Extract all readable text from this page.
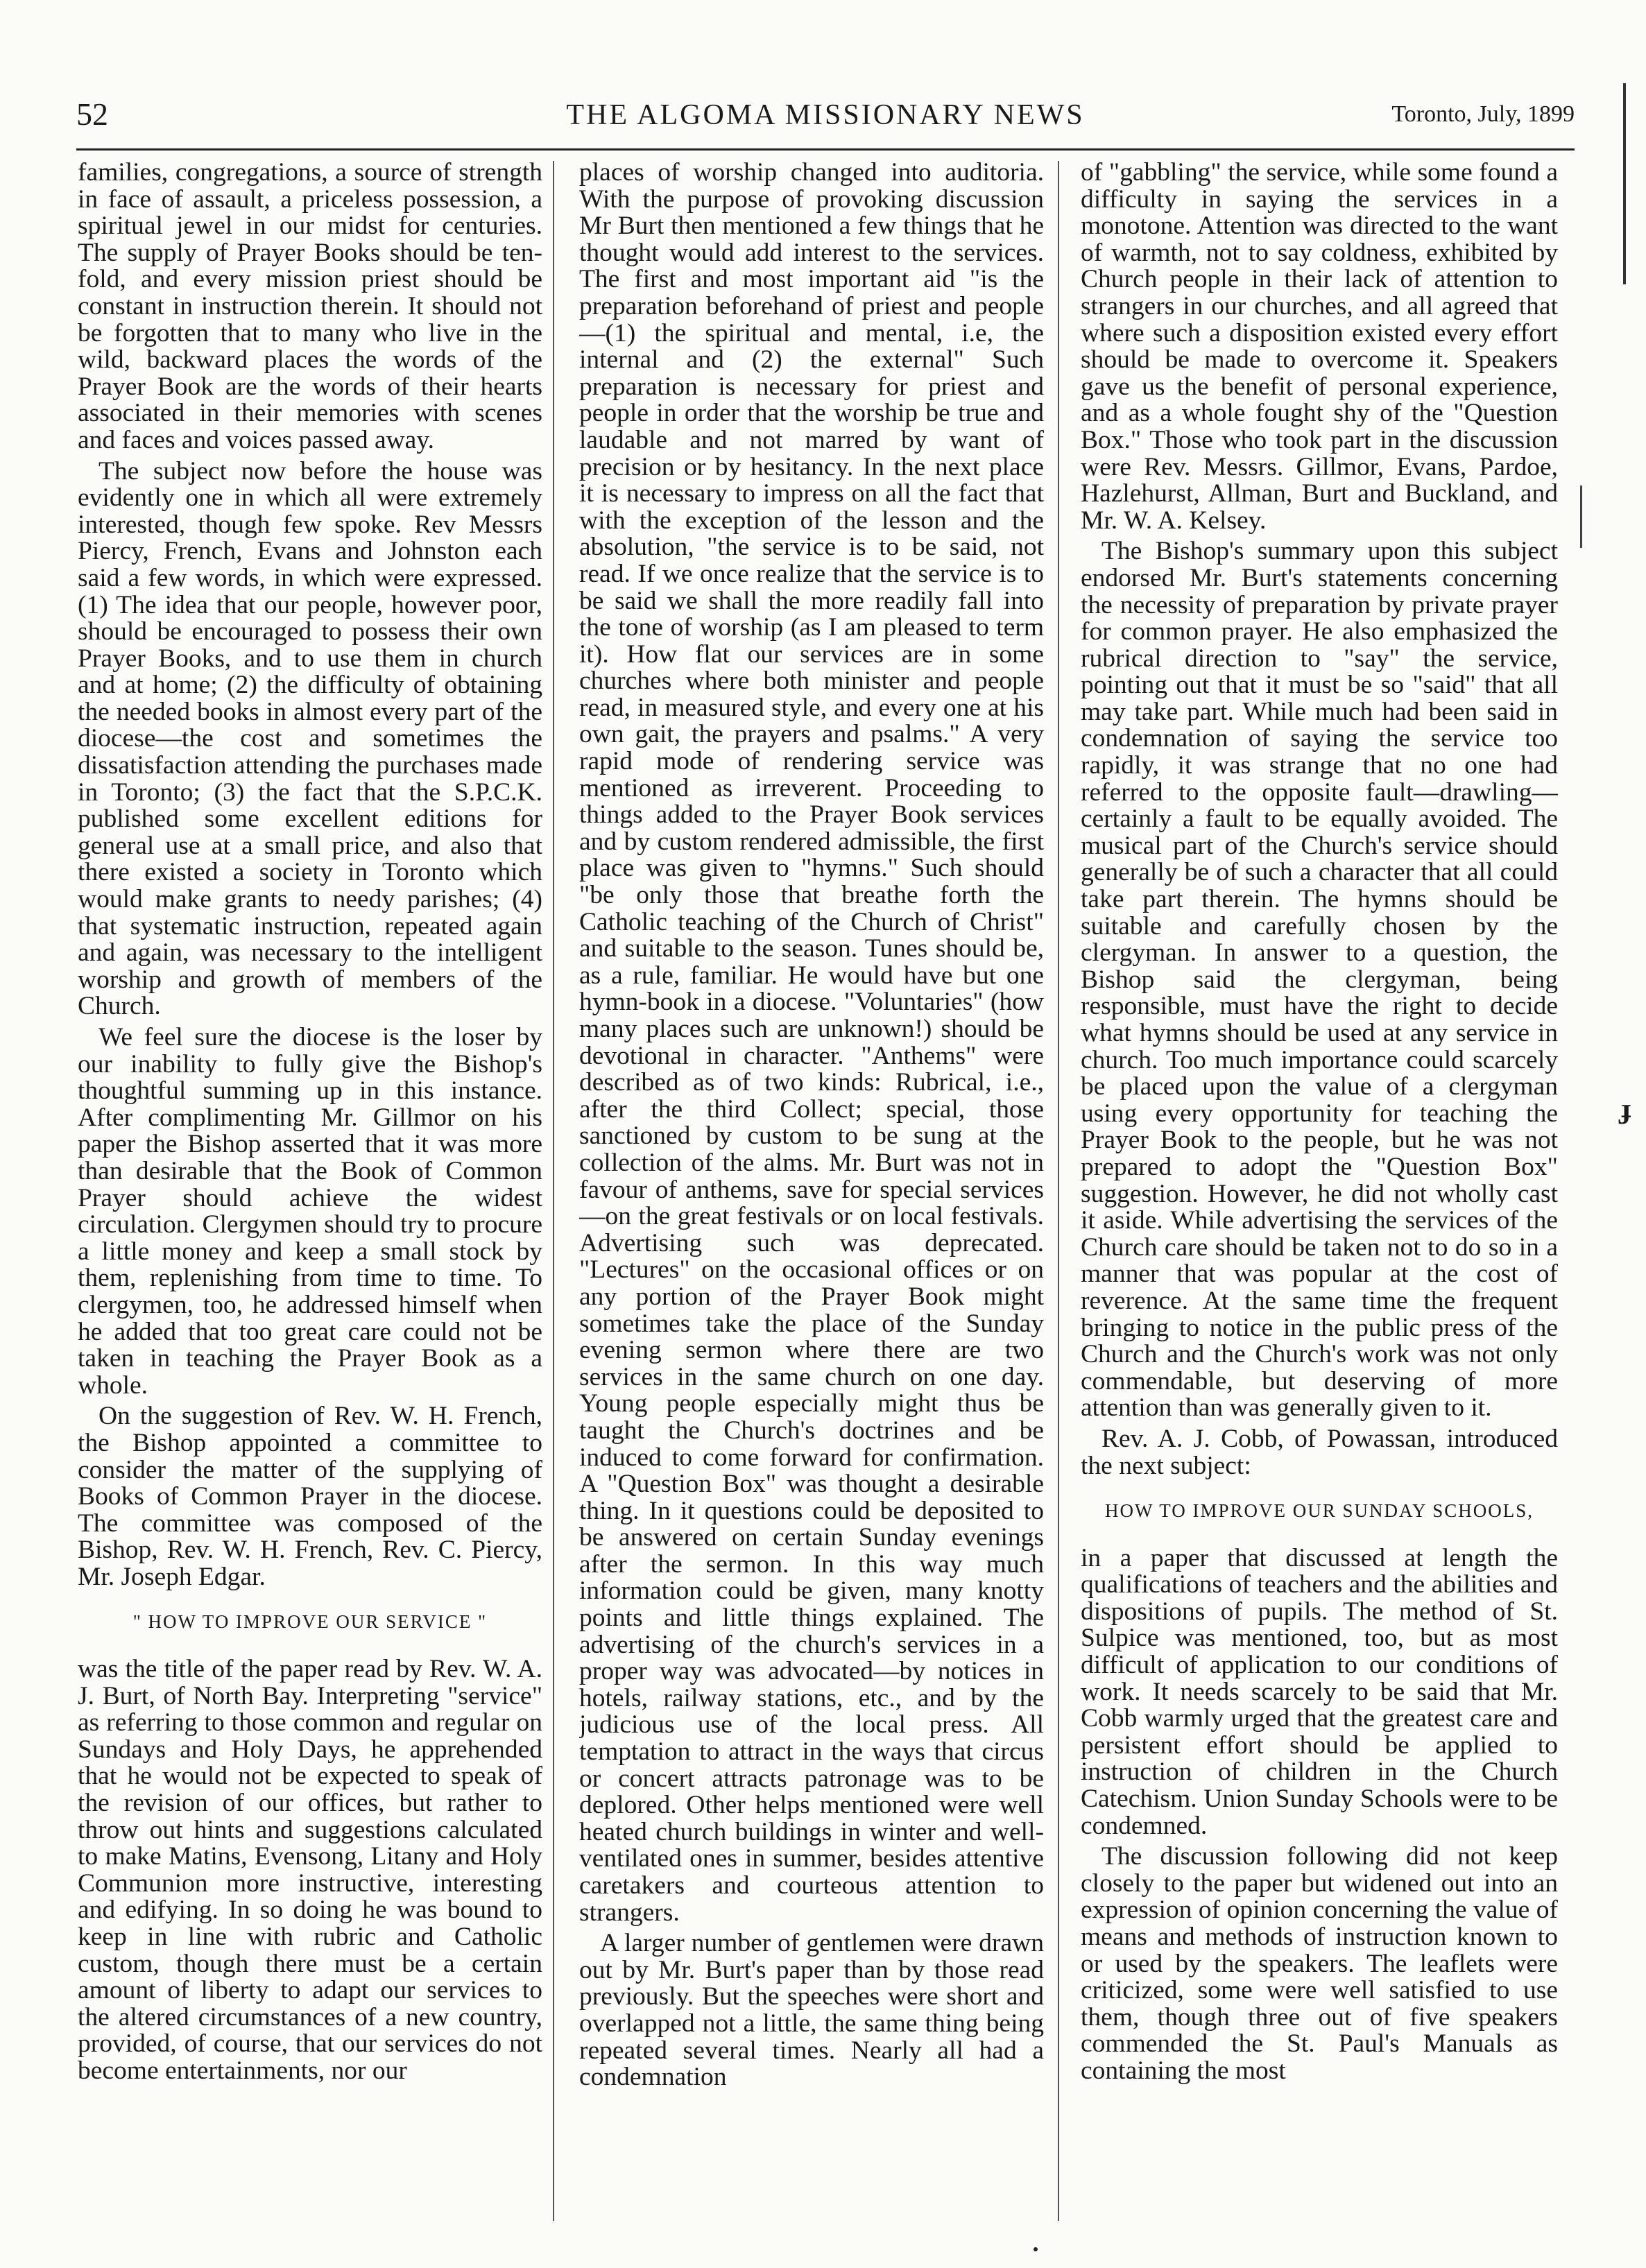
52	THE ALGOMA MISSIONARY NEWS	Toronto, July, 1899
ɟ

families, congregations, a source of strength in face of assault, a priceless possession, a spiritual jewel in our midst for centuries. The supply of Prayer Books should be ten-fold, and every mission priest should be constant in instruction therein. It should not be forgotten that to many who live in the wild, backward places the words of the Prayer Book are the words of their hearts associated in their memories with scenes and faces and voices passed away.

The subject now before the house was evidently one in which all were extremely interested, though few spoke. Rev Messrs Piercy, French, Evans and Johnston each said a few words, in which were expressed. (1) The idea that our people, however poor, should be encouraged to possess their own Prayer Books, and to use them in church and at home; (2) the difficulty of obtaining the needed books in almost every part of the diocese—the cost and sometimes the dissatisfaction attending the purchases made in Toronto; (3) the fact that the S.P.C.K. published some excellent editions for general use at a small price, and also that there existed a society in Toronto which would make grants to needy parishes; (4) that systematic instruction, repeated again and again, was necessary to the intelligent worship and growth of members of the Church.

We feel sure the diocese is the loser by our inability to fully give the Bishop's thoughtful summing up in this instance. After complimenting Mr. Gillmor on his paper the Bishop asserted that it was more than desirable that the Book of Common Prayer should achieve the widest circulation. Clergymen should try to procure a little money and keep a small stock by them, replenishing from time to time. To clergymen, too, he addressed himself when he added that too great care could not be taken in teaching the Prayer Book as a whole.

On the suggestion of Rev. W. H. French, the Bishop appointed a committee to consider the matter of the supplying of Books of Common Prayer in the diocese. The committee was composed of the Bishop, Rev. W. H. French, Rev. C. Piercy, Mr. Joseph Edgar.

" HOW TO IMPROVE OUR SERVICE "

was the title of the paper read by Rev. W. A. J. Burt, of North Bay. Interpreting "service" as referring to those common and regular on Sundays and Holy Days, he apprehended that he would not be expected to speak of the revision of our offices, but rather to throw out hints and suggestions calculated to make Matins, Evensong, Litany and Holy Communion more instructive, interesting and edifying. In so doing he was bound to keep in line with rubric and Catholic custom, though there must be a certain amount of liberty to adapt our services to the altered circumstances of a new country, provided, of course, that our services do not become entertainments, nor our

places of worship changed into auditoria. With the purpose of provoking discussion Mr Burt then mentioned a few things that he thought would add interest to the services. The first and most important aid "is the preparation beforehand of priest and people—(1) the spiritual and mental, i.e, the internal and (2) the external" Such preparation is necessary for priest and people in order that the worship be true and laudable and not marred by want of precision or by hesitancy. In the next place it is necessary to impress on all the fact that with the exception of the lesson and the absolution, "the service is to be said, not read. If we once realize that the service is to be said we shall the more readily fall into the tone of worship (as I am pleased to term it). How flat our services are in some churches where both minister and people read, in measured style, and every one at his own gait, the prayers and psalms." A very rapid mode of rendering service was mentioned as irreverent. Proceeding to things added to the Prayer Book services and by custom rendered admissible, the first place was given to "hymns." Such should "be only those that breathe forth the Catholic teaching of the Church of Christ" and suitable to the season. Tunes should be, as a rule, familiar. He would have but one hymn-book in a diocese. "Voluntaries" (how many places such are unknown!) should be devotional in character. "Anthems" were described as of two kinds: Rubrical, i.e., after the third Collect; special, those sanctioned by custom to be sung at the collection of the alms. Mr. Burt was not in favour of anthems, save for special services—on the great festivals or on local festivals. Advertising such was deprecated. "Lectures" on the occasional offices or on any portion of the Prayer Book might sometimes take the place of the Sunday evening sermon where there are two services in the same church on one day. Young people especially might thus be taught the Church's doctrines and be induced to come forward for confirmation. A "Question Box" was thought a desirable thing. In it questions could be deposited to be answered on certain Sunday evenings after the sermon. In this way much information could be given, many knotty points and little things explained. The advertising of the church's services in a proper way was advocated—by notices in hotels, railway stations, etc., and by the judicious use of the local press. All temptation to attract in the ways that circus or concert attracts patronage was to be deplored. Other helps mentioned were well heated church buildings in winter and well-ventilated ones in summer, besides attentive caretakers and courteous attention to strangers.

A larger number of gentlemen were drawn out by Mr. Burt's paper than by those read previously. But the speeches were short and overlapped not a little, the same thing being repeated several times. Nearly all had a condemnation

of "gabbling" the service, while some found a difficulty in saying the services in a monotone. Attention was directed to the want of warmth, not to say coldness, exhibited by Church people in their lack of attention to strangers in our churches, and all agreed that where such a disposition existed every effort should be made to overcome it. Speakers gave us the benefit of personal experience, and as a whole fought shy of the "Question Box." Those who took part in the discussion were Rev. Messrs. Gillmor, Evans, Pardoe, Hazlehurst, Allman, Burt and Buckland, and Mr. W. A. Kelsey.

The Bishop's summary upon this subject endorsed Mr. Burt's statements concerning the necessity of preparation by private prayer for common prayer. He also emphasized the rubrical direction to "say" the service, pointing out that it must be so "said" that all may take part. While much had been said in condemnation of saying the service too rapidly, it was strange that no one had referred to the opposite fault—drawling—certainly a fault to be equally avoided. The musical part of the Church's service should generally be of such a character that all could take part therein. The hymns should be suitable and carefully chosen by the clergyman. In answer to a question, the Bishop said the clergyman, being responsible, must have the right to decide what hymns should be used at any service in church. Too much importance could scarcely be placed upon the value of a clergyman using every opportunity for teaching the Prayer Book to the people, but he was not prepared to adopt the "Question Box" suggestion. However, he did not wholly cast it aside. While advertising the services of the Church care should be taken not to do so in a manner that was popular at the cost of reverence. At the same time the frequent bringing to notice in the public press of the Church and the Church's work was not only commendable, but deserving of more attention than was generally given to it.

Rev. A. J. Cobb, of Powassan, introduced the next subject:

HOW TO IMPROVE OUR SUNDAY SCHOOLS,

in a paper that discussed at length the qualifications of teachers and the abilities and dispositions of pupils. The method of St. Sulpice was mentioned, too, but as most difficult of application to our conditions of work. It needs scarcely to be said that Mr. Cobb warmly urged that the greatest care and persistent effort should be applied to instruction of children in the Church Catechism. Union Sunday Schools were to be condemned.

The discussion following did not keep closely to the paper but widened out into an expression of opinion concerning the value of means and methods of instruction known to or used by the speakers. The leaflets were criticized, some were well satisfied to use them, though three out of five speakers commended the St. Paul's Manuals as containing the most
